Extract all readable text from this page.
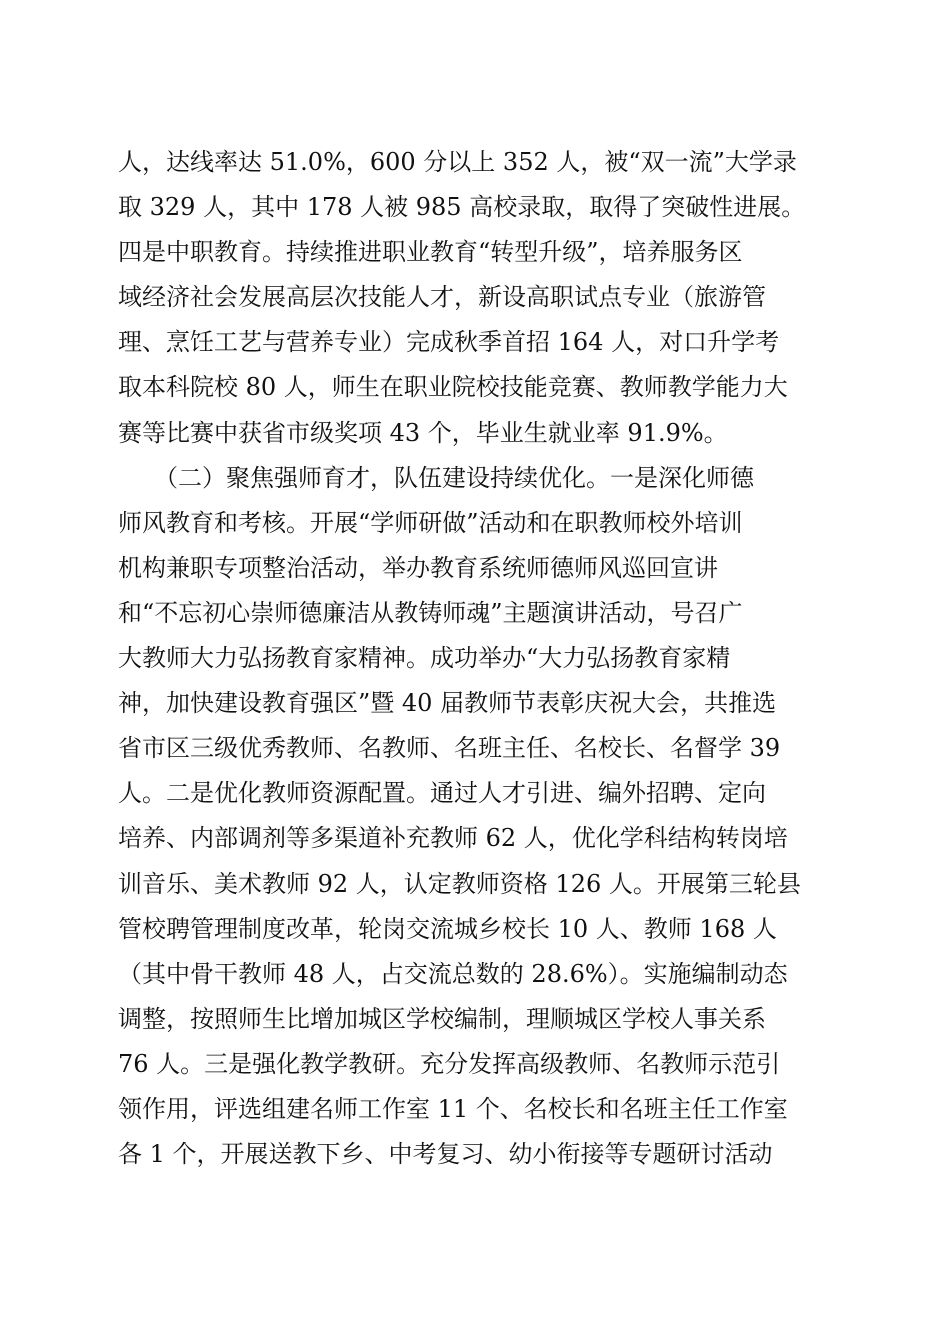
人，达线率达 51.0%，600 分以上 352 人，被“双一流”大学录
取 329 人，其中 178 人被 985 高校录取，取得了突破性进展。
四是中职教育。持续推进职业教育“转型升级”，培养服务区
域经济社会发展高层次技能人才，新设高职试点专业（旅游管
理、烹饪工艺与营养专业）完成秋季首招 164 人，对口升学考
取本科院校 80 人，师生在职业院校技能竞赛、教师教学能力大
赛等比赛中获省市级奖项 43 个，毕业生就业率 91.9%。
　　（二）聚焦强师育才，队伍建设持续优化。一是深化师德
师风教育和考核。开展“学师研做”活动和在职教师校外培训
机构兼职专项整治活动，举办教育系统师德师风巡回宣讲
和“不忘初心崇师德廉洁从教铸师魂”主题演讲活动，号召广
大教师大力弘扬教育家精神。成功举办“大力弘扬教育家精
神，加快建设教育强区”暨 40 届教师节表彰庆祝大会，共推选
省市区三级优秀教师、名教师、名班主任、名校长、名督学 39
人。二是优化教师资源配置。通过人才引进、编外招聘、定向
培养、内部调剂等多渠道补充教师 62 人，优化学科结构转岗培
训音乐、美术教师 92 人，认定教师资格 126 人。开展第三轮县
管校聘管理制度改革，轮岗交流城乡校长 10 人、教师 168 人
（其中骨干教师 48 人，占交流总数的 28.6%）。实施编制动态
调整，按照师生比增加城区学校编制，理顺城区学校人事关系
76 人。三是强化教学教研。充分发挥高级教师、名教师示范引
领作用，评选组建名师工作室 11 个、名校长和名班主任工作室
各 1 个，开展送教下乡、中考复习、幼小衔接等专题研讨活动
